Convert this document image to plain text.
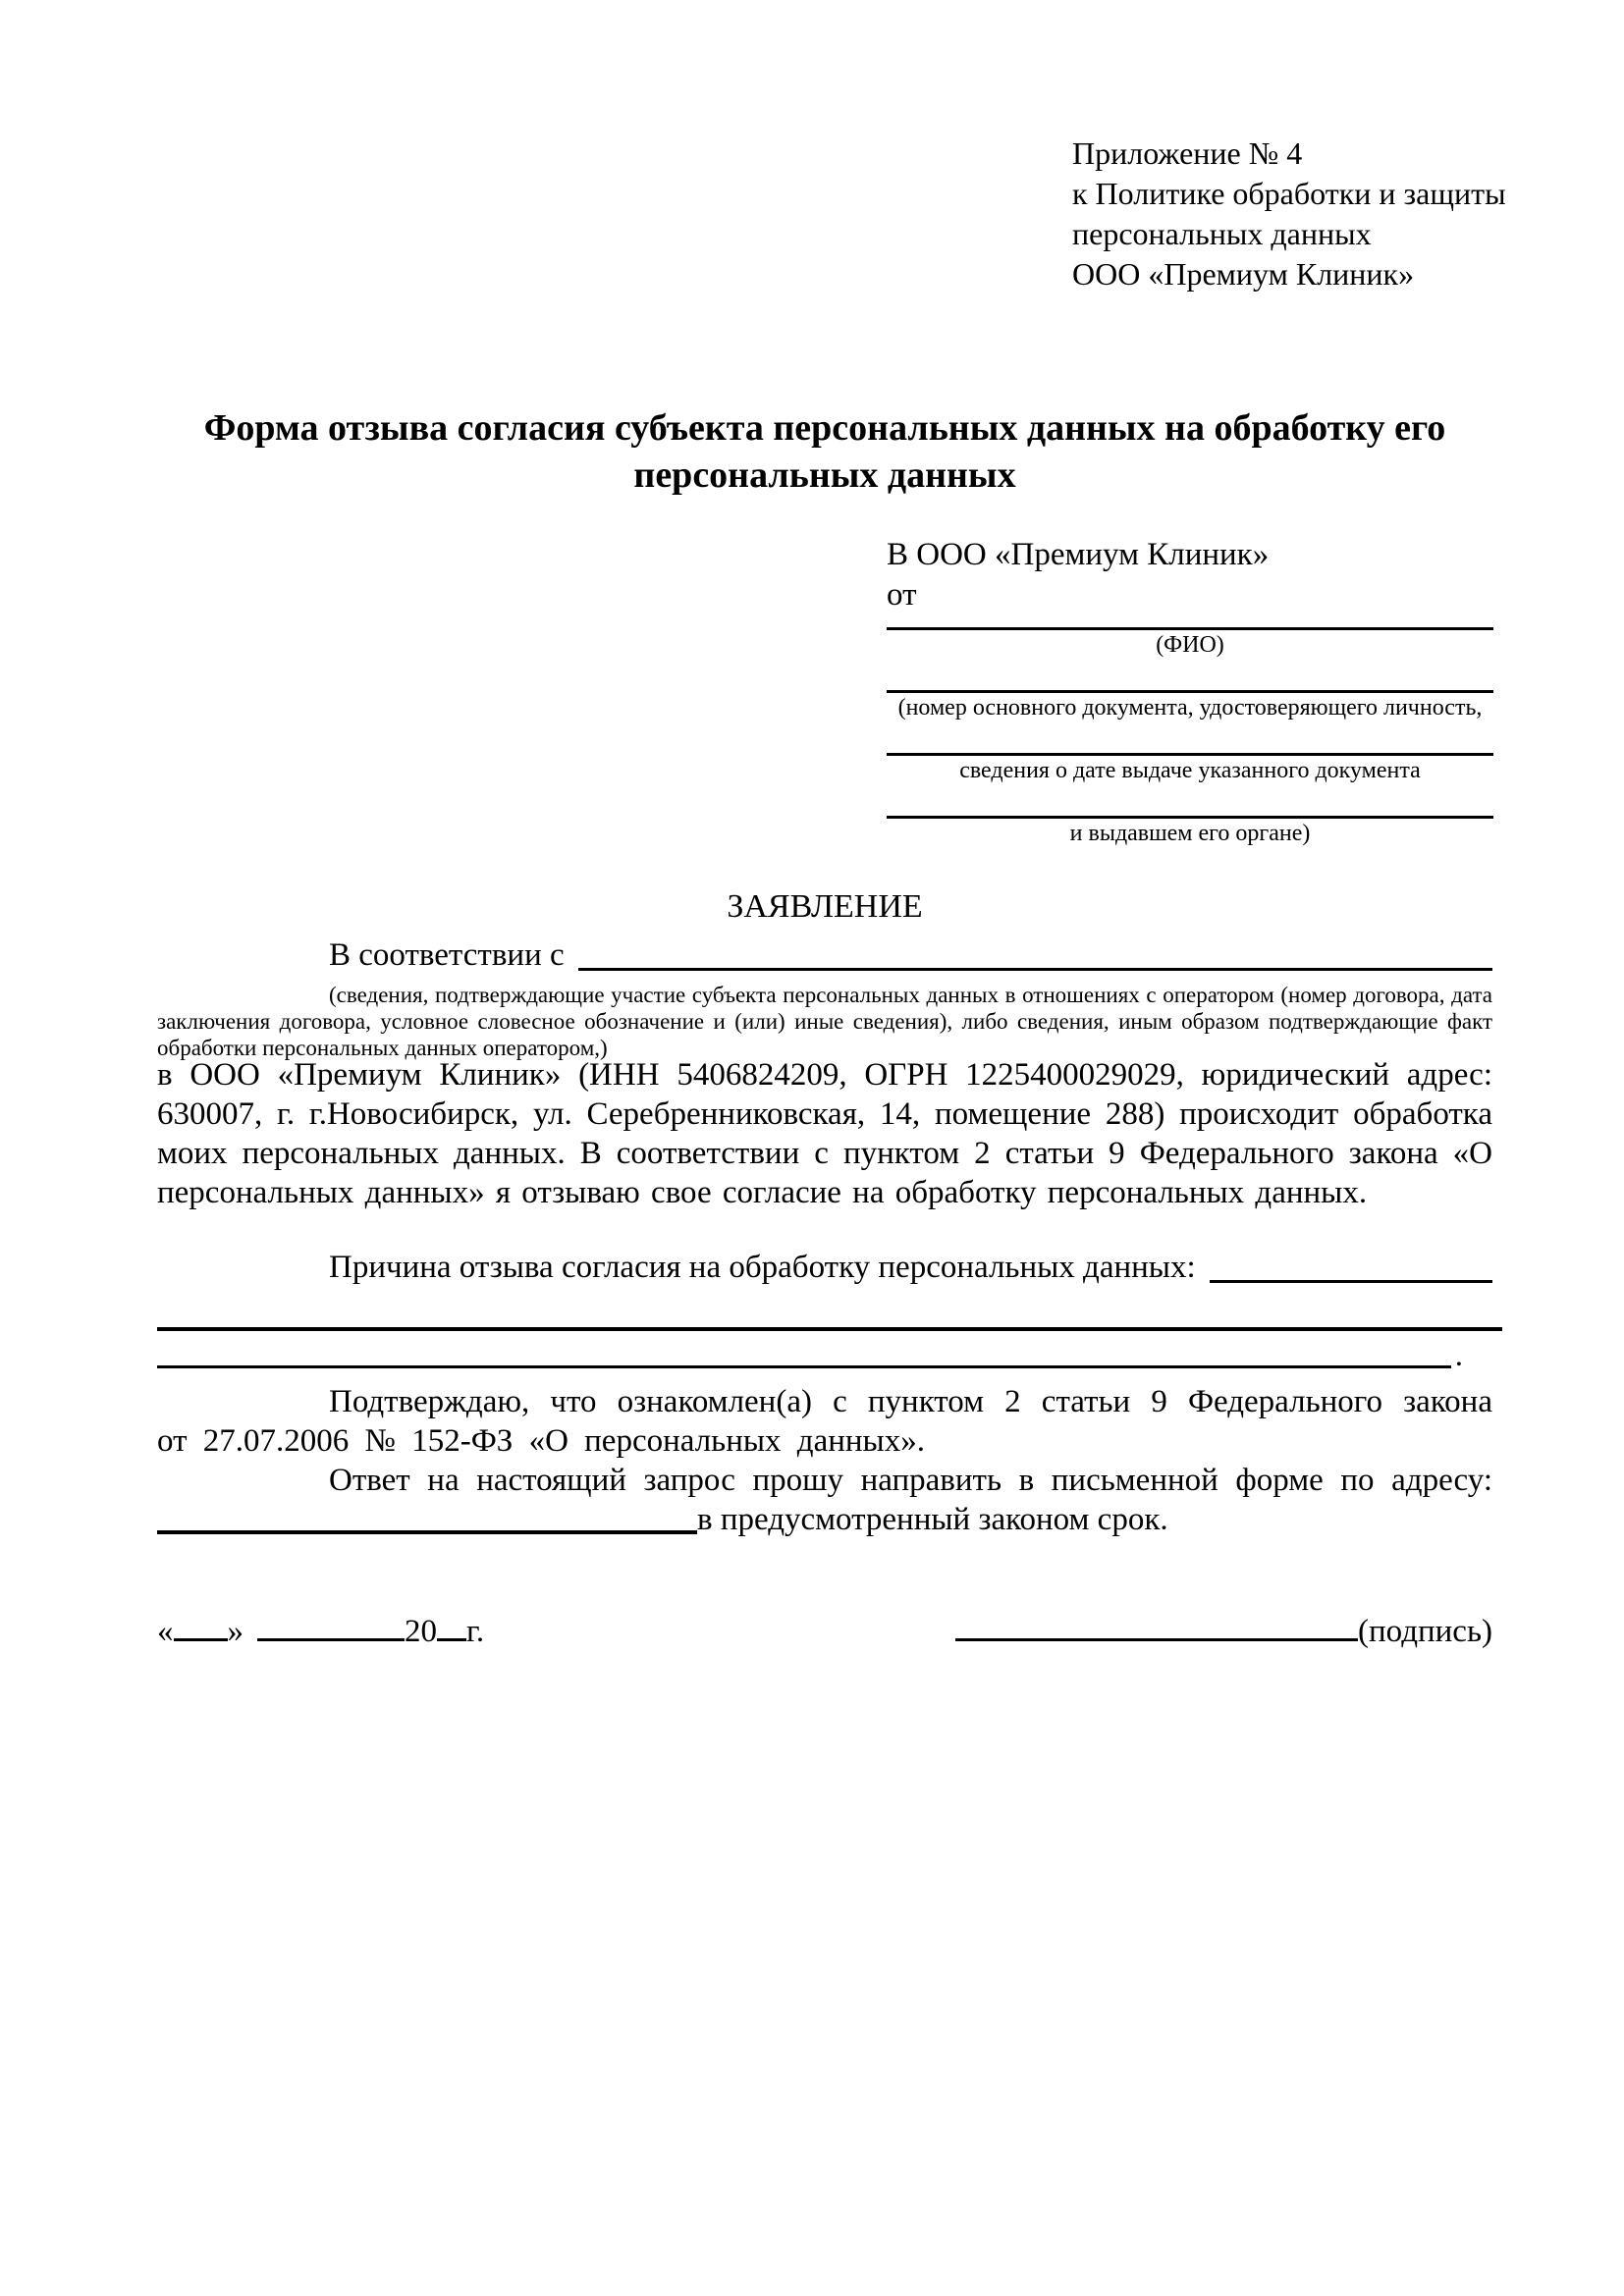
Приложение № 4
к Политике обработки и защиты
персональных данных
ООО «Премиум Клиник»
Форма отзыва согласия субъекта персональных данных на обработку его персональных данных
В ООО «Премиум Клиник»
от
(ФИО)
(номер основного документа, удостоверяющего личность,
сведения о дате выдаче указанного документа
и выдавшем его органе)
ЗАЯВЛЕНИЕ
В соответствии с
(сведения, подтверждающие участие субъекта персональных данных в отношениях с оператором (номер договора, дата заключения договора, условное словесное обозначение и (или) иные сведения), либо сведения, иным образом подтверждающие факт обработки персональных данных оператором,)
в ООО «Премиум Клиник» (ИНН 5406824209, ОГРН 1225400029029, юридический адрес: 630007, г. г.Новосибирск, ул. Серебренниковская, 14, помещение 288) происходит обработка моих персональных данных. В соответствии с пунктом 2 статьи 9 Федерального закона «О персональных данных» я отзываю свое согласие на обработку персональных данных.
Причина отзыва согласия на обработку персональных данных:
.
Подтверждаю, что ознакомлен(а) с пунктом 2 статьи 9 Федерального закона от 27.07.2006 № 152-ФЗ «О персональных данных».
Ответ на настоящий запрос прошу направить в письменной форме по адресу:
в предусмотренный законом срок.
« »	20 г.	(подпись)
